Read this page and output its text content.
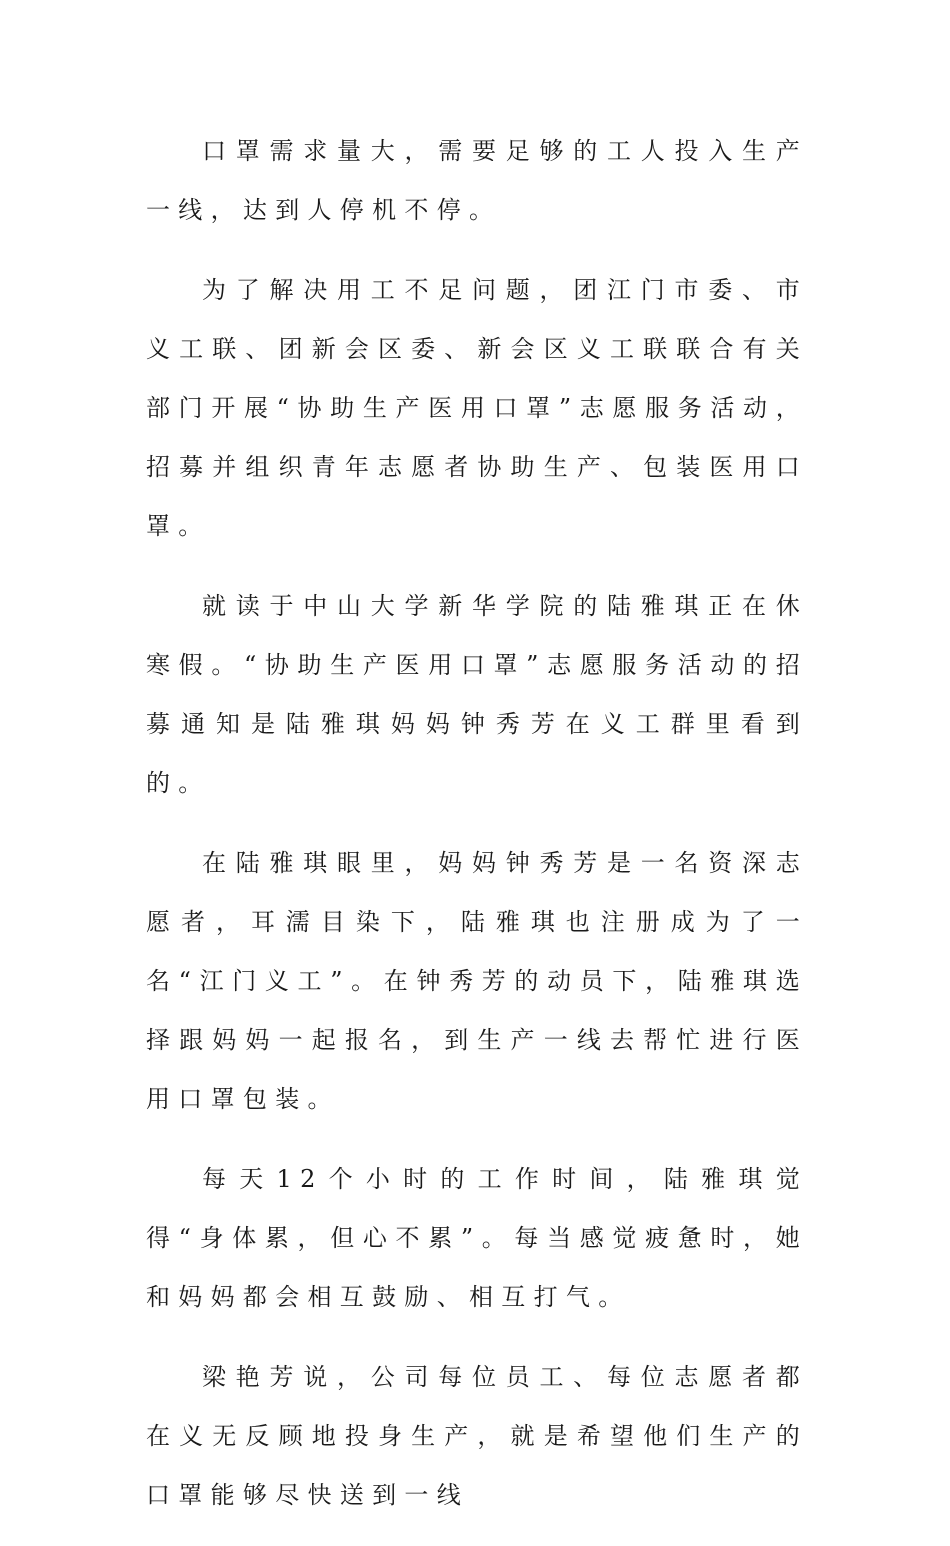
口罩需求量大，需要足够的工人投入生产一线，达到人停机不停。

为了解决用工不足问题，团江门市委、市义工联、团新会区委、新会区义工联联合有关部门开展“协助生产医用口罩”志愿服务活动，招募并组织青年志愿者协助生产、包装医用口罩。

就读于中山大学新华学院的陆雅琪正在休寒假。“协助生产医用口罩”志愿服务活动的招募通知是陆雅琪妈妈钟秀芳在义工群里看到的。

在陆雅琪眼里，妈妈钟秀芳是一名资深志愿者，耳濡目染下，陆雅琪也注册成为了一名“江门义工”。在钟秀芳的动员下，陆雅琪选择跟妈妈一起报名，到生产一线去帮忙进行医用口罩包装。

每天12个小时的工作时间，陆雅琪觉得“身体累，但心不累”。每当感觉疲惫时，她和妈妈都会相互鼓励、相互打气。

梁艳芳说，公司每位员工、每位志愿者都在义无反顾地投身生产，就是希望他们生产的口罩能够尽快送到一线
